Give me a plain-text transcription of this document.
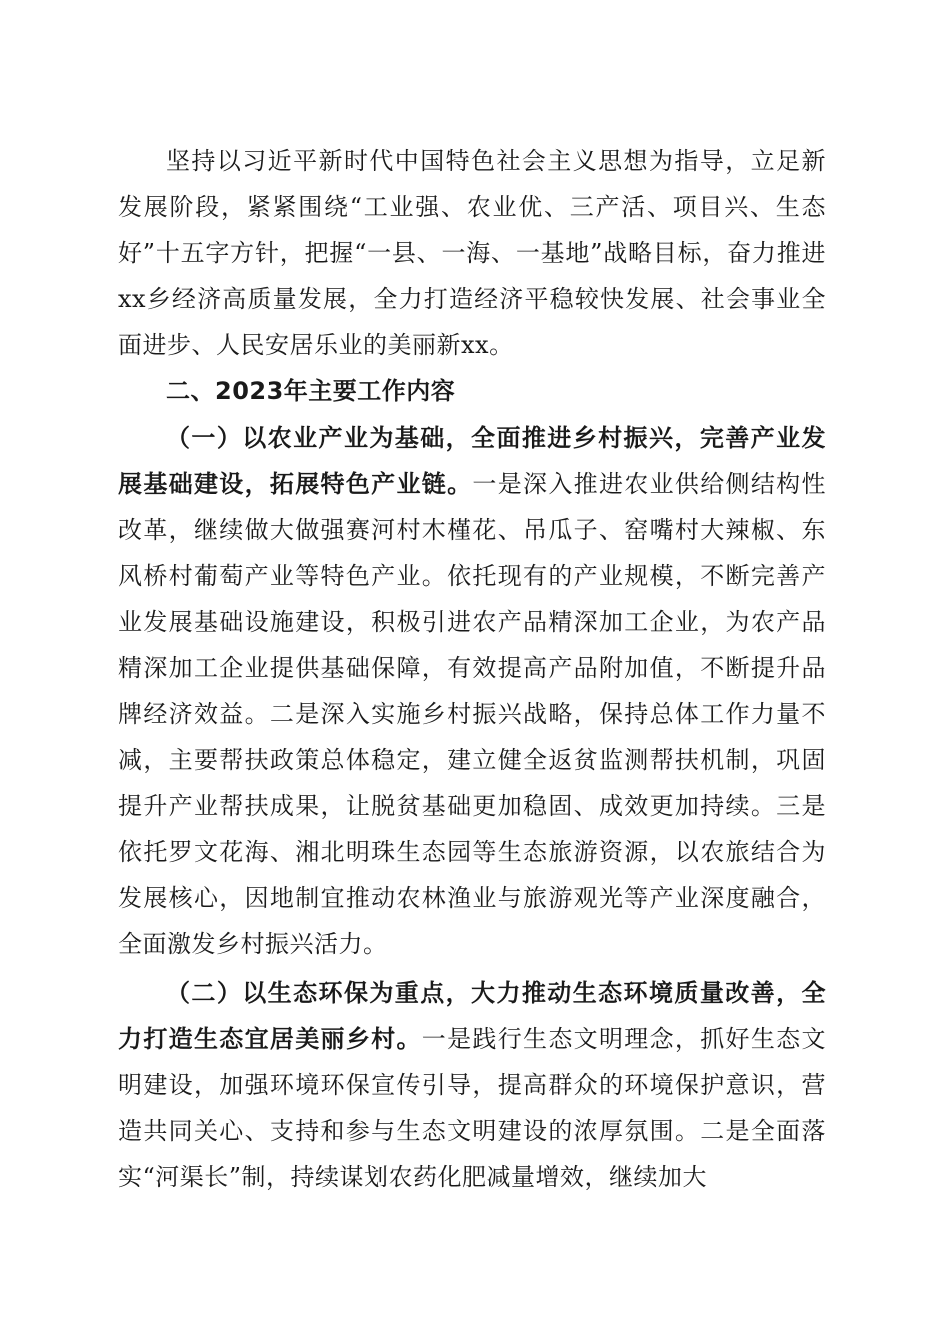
坚持以习近平新时代中国特色社会主义思想为指导，立足新发展阶段，紧紧围绕“工业强、农业优、三产活、项目兴、生态好”十五字方针，把握“一县、一海、一基地”战略目标，奋力推进xx乡经济高质量发展，全力打造经济平稳较快发展、社会事业全面进步、人民安居乐业的美丽新xx。

二、2023年主要工作内容

（一）以农业产业为基础，全面推进乡村振兴，完善产业发展基础建设，拓展特色产业链。一是深入推进农业供给侧结构性改革，继续做大做强赛河村木槿花、吊瓜子、窑嘴村大辣椒、东风桥村葡萄产业等特色产业。依托现有的产业规模，不断完善产业发展基础设施建设，积极引进农产品精深加工企业，为农产品精深加工企业提供基础保障，有效提高产品附加值，不断提升品牌经济效益。二是深入实施乡村振兴战略，保持总体工作力量不减，主要帮扶政策总体稳定，建立健全返贫监测帮扶机制，巩固提升产业帮扶成果，让脱贫基础更加稳固、成效更加持续。三是依托罗文花海、湘北明珠生态园等生态旅游资源，以农旅结合为发展核心，因地制宜推动农林渔业与旅游观光等产业深度融合，全面激发乡村振兴活力。

（二）以生态环保为重点，大力推动生态环境质量改善，全力打造生态宜居美丽乡村。一是践行生态文明理念，抓好生态文明建设，加强环境环保宣传引导，提高群众的环境保护意识，营造共同关心、支持和参与生态文明建设的浓厚氛围。二是全面落实“河渠长”制，持续谋划农药化肥减量增效，继续加大
